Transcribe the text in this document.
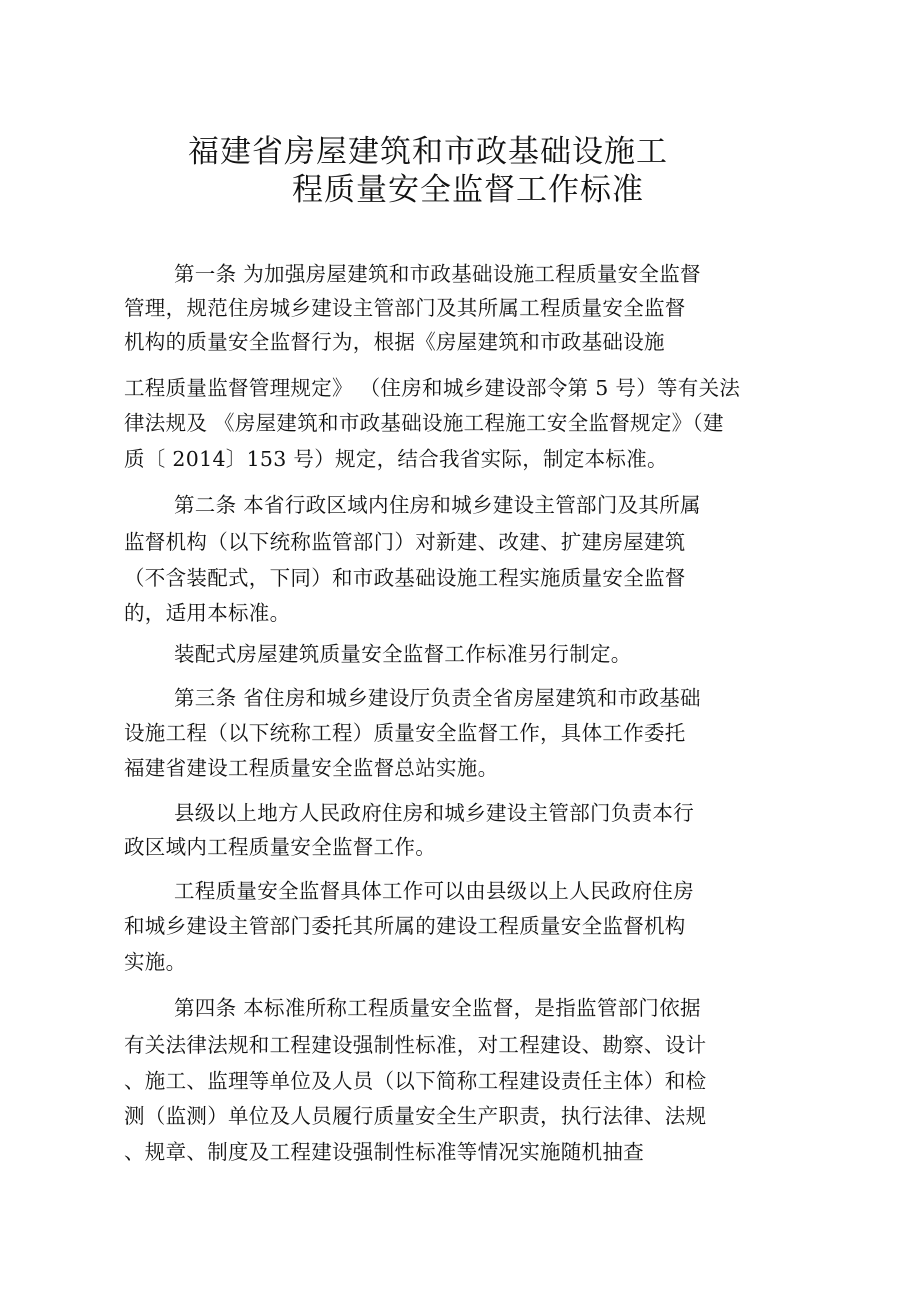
福建省房屋建筑和市政基础设施工
程质量安全监督工作标准
第一条 为加强房屋建筑和市政基础设施工程质量安全监督
管理，规范住房城乡建设主管部门及其所属工程质量安全监督
机构的质量安全监督行为，根据《房屋建筑和市政基础设施
工程质量监督管理规定》 （住房和城乡建设部令第 5 号）等有关法
律法规及 《房屋建筑和市政基础设施工程施工安全监督规定》（建
质〔 2014〕153 号）规定，结合我省实际，制定本标准。
第二条 本省行政区域内住房和城乡建设主管部门及其所属
监督机构（以下统称监管部门）对新建、改建、扩建房屋建筑
（不含装配式，下同）和市政基础设施工程实施质量安全监督
的，适用本标准。
装配式房屋建筑质量安全监督工作标准另行制定。
第三条 省住房和城乡建设厅负责全省房屋建筑和市政基础
设施工程（以下统称工程）质量安全监督工作，具体工作委托
福建省建设工程质量安全监督总站实施。
县级以上地方人民政府住房和城乡建设主管部门负责本行
政区域内工程质量安全监督工作。
工程质量安全监督具体工作可以由县级以上人民政府住房
和城乡建设主管部门委托其所属的建设工程质量安全监督机构
实施。
第四条 本标准所称工程质量安全监督，是指监管部门依据
有关法律法规和工程建设强制性标准，对工程建设、勘察、设计
、施工、监理等单位及人员（以下简称工程建设责任主体）和检
测（监测）单位及人员履行质量安全生产职责，执行法律、法规
、规章、制度及工程建设强制性标准等情况实施随机抽查
